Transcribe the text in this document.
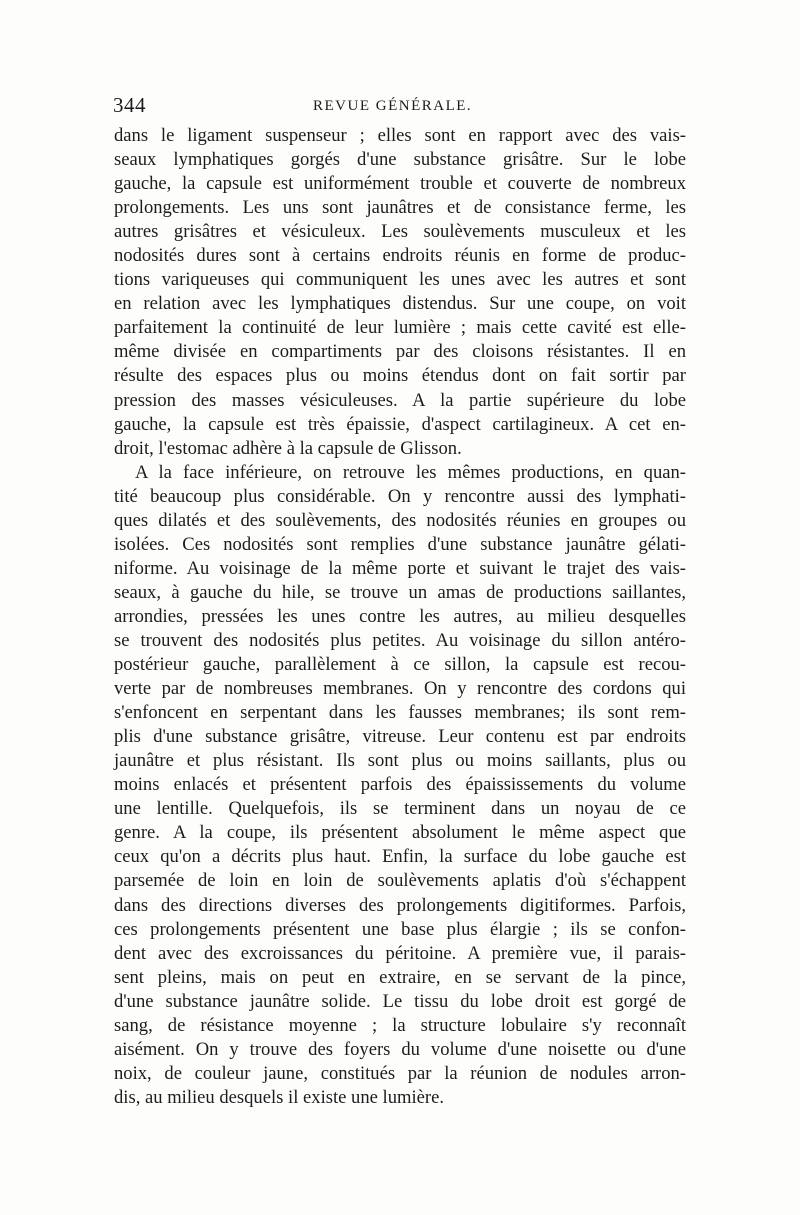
344	REVUE GÉNÉRALE.
dans le ligament suspenseur ; elles sont en rapport avec des vais-
seaux lymphatiques gorgés d'une substance grisâtre. Sur le lobe
gauche, la capsule est uniformément trouble et couverte de nombreux
prolongements. Les uns sont jaunâtres et de consistance ferme, les
autres grisâtres et vésiculeux. Les soulèvements musculeux et les
nodosités dures sont à certains endroits réunis en forme de produc-
tions variqueuses qui communiquent les unes avec les autres et sont
en relation avec les lymphatiques distendus. Sur une coupe, on voit
parfaitement la continuité de leur lumière ; mais cette cavité est elle-
même divisée en compartiments par des cloisons résistantes. Il en
résulte des espaces plus ou moins étendus dont on fait sortir par
pression des masses vésiculeuses. A la partie supérieure du lobe
gauche, la capsule est très épaissie, d'aspect cartilagineux. A cet en-
droit, l'estomac adhère à la capsule de Glisson.
A la face inférieure, on retrouve les mêmes productions, en quan-
tité beaucoup plus considérable. On y rencontre aussi des lymphati-
ques dilatés et des soulèvements, des nodosités réunies en groupes ou
isolées. Ces nodosités sont remplies d'une substance jaunâtre gélati-
niforme. Au voisinage de la même porte et suivant le trajet des vais-
seaux, à gauche du hile, se trouve un amas de productions saillantes,
arrondies, pressées les unes contre les autres, au milieu desquelles
se trouvent des nodosités plus petites. Au voisinage du sillon antéro-
postérieur gauche, parallèlement à ce sillon, la capsule est recou-
verte par de nombreuses membranes. On y rencontre des cordons qui
s'enfoncent en serpentant dans les fausses membranes; ils sont rem-
plis d'une substance grisâtre, vitreuse. Leur contenu est par endroits
jaunâtre et plus résistant. Ils sont plus ou moins saillants, plus ou
moins enlacés et présentent parfois des épaississements du volume
une lentille. Quelquefois, ils se terminent dans un noyau de ce
genre. A la coupe, ils présentent absolument le même aspect que
ceux qu'on a décrits plus haut. Enfin, la surface du lobe gauche est
parsemée de loin en loin de soulèvements aplatis d'où s'échappent
dans des directions diverses des prolongements digitiformes. Parfois,
ces prolongements présentent une base plus élargie ; ils se confon-
dent avec des excroissances du péritoine. A première vue, il parais-
sent pleins, mais on peut en extraire, en se servant de la pince,
d'une substance jaunâtre solide. Le tissu du lobe droit est gorgé de
sang, de résistance moyenne ; la structure lobulaire s'y reconnaît
aisément. On y trouve des foyers du volume d'une noisette ou d'une
noix, de couleur jaune, constitués par la réunion de nodules arron-
dis, au milieu desquels il existe une lumière.
